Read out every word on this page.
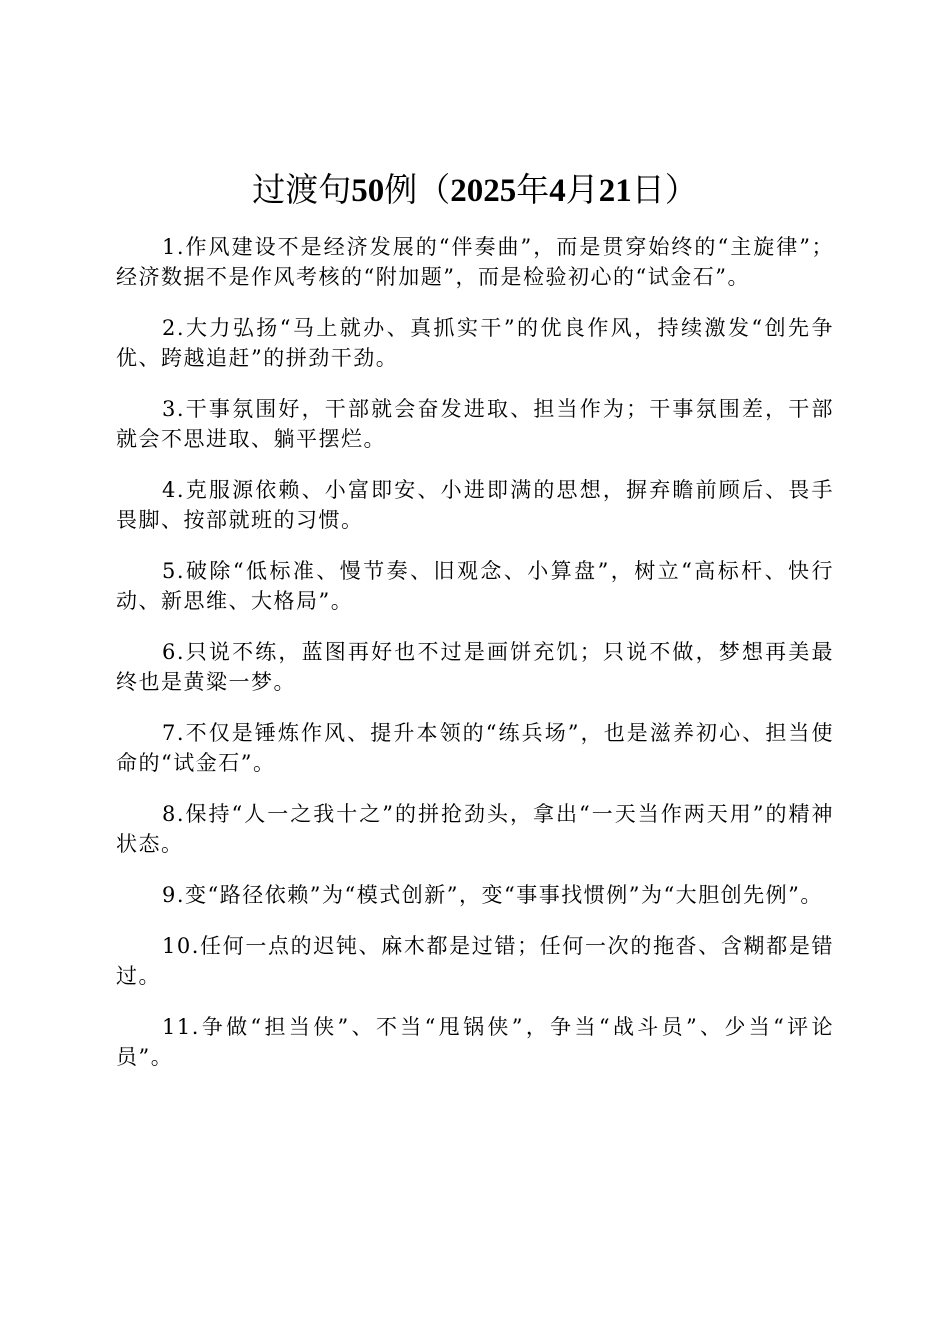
过渡句50例（2025年4月21日）

1.作风建设不是经济发展的“伴奏曲”，而是贯穿始终的“主旋律”；经济数据不是作风考核的“附加题”，而是检验初心的“试金石”。

2.大力弘扬“马上就办、真抓实干”的优良作风，持续激发“创先争优、跨越追赶”的拼劲干劲。

3.干事氛围好，干部就会奋发进取、担当作为；干事氛围差，干部就会不思进取、躺平摆烂。

4.克服源依赖、小富即安、小进即满的思想，摒弃瞻前顾后、畏手畏脚、按部就班的习惯。

5.破除“低标准、慢节奏、旧观念、小算盘”，树立“高标杆、快行动、新思维、大格局”。

6.只说不练，蓝图再好也不过是画饼充饥；只说不做，梦想再美最终也是黄粱一梦。

7.不仅是锤炼作风、提升本领的“练兵场”，也是滋养初心、担当使命的“试金石”。

8.保持“人一之我十之”的拼抢劲头，拿出“一天当作两天用”的精神状态。

9.变“路径依赖”为“模式创新”，变“事事找惯例”为“大胆创先例”。

10.任何一点的迟钝、麻木都是过错；任何一次的拖沓、含糊都是错过。

11.争做“担当侠”、不当“甩锅侠”，争当“战斗员”、少当“评论员”。
